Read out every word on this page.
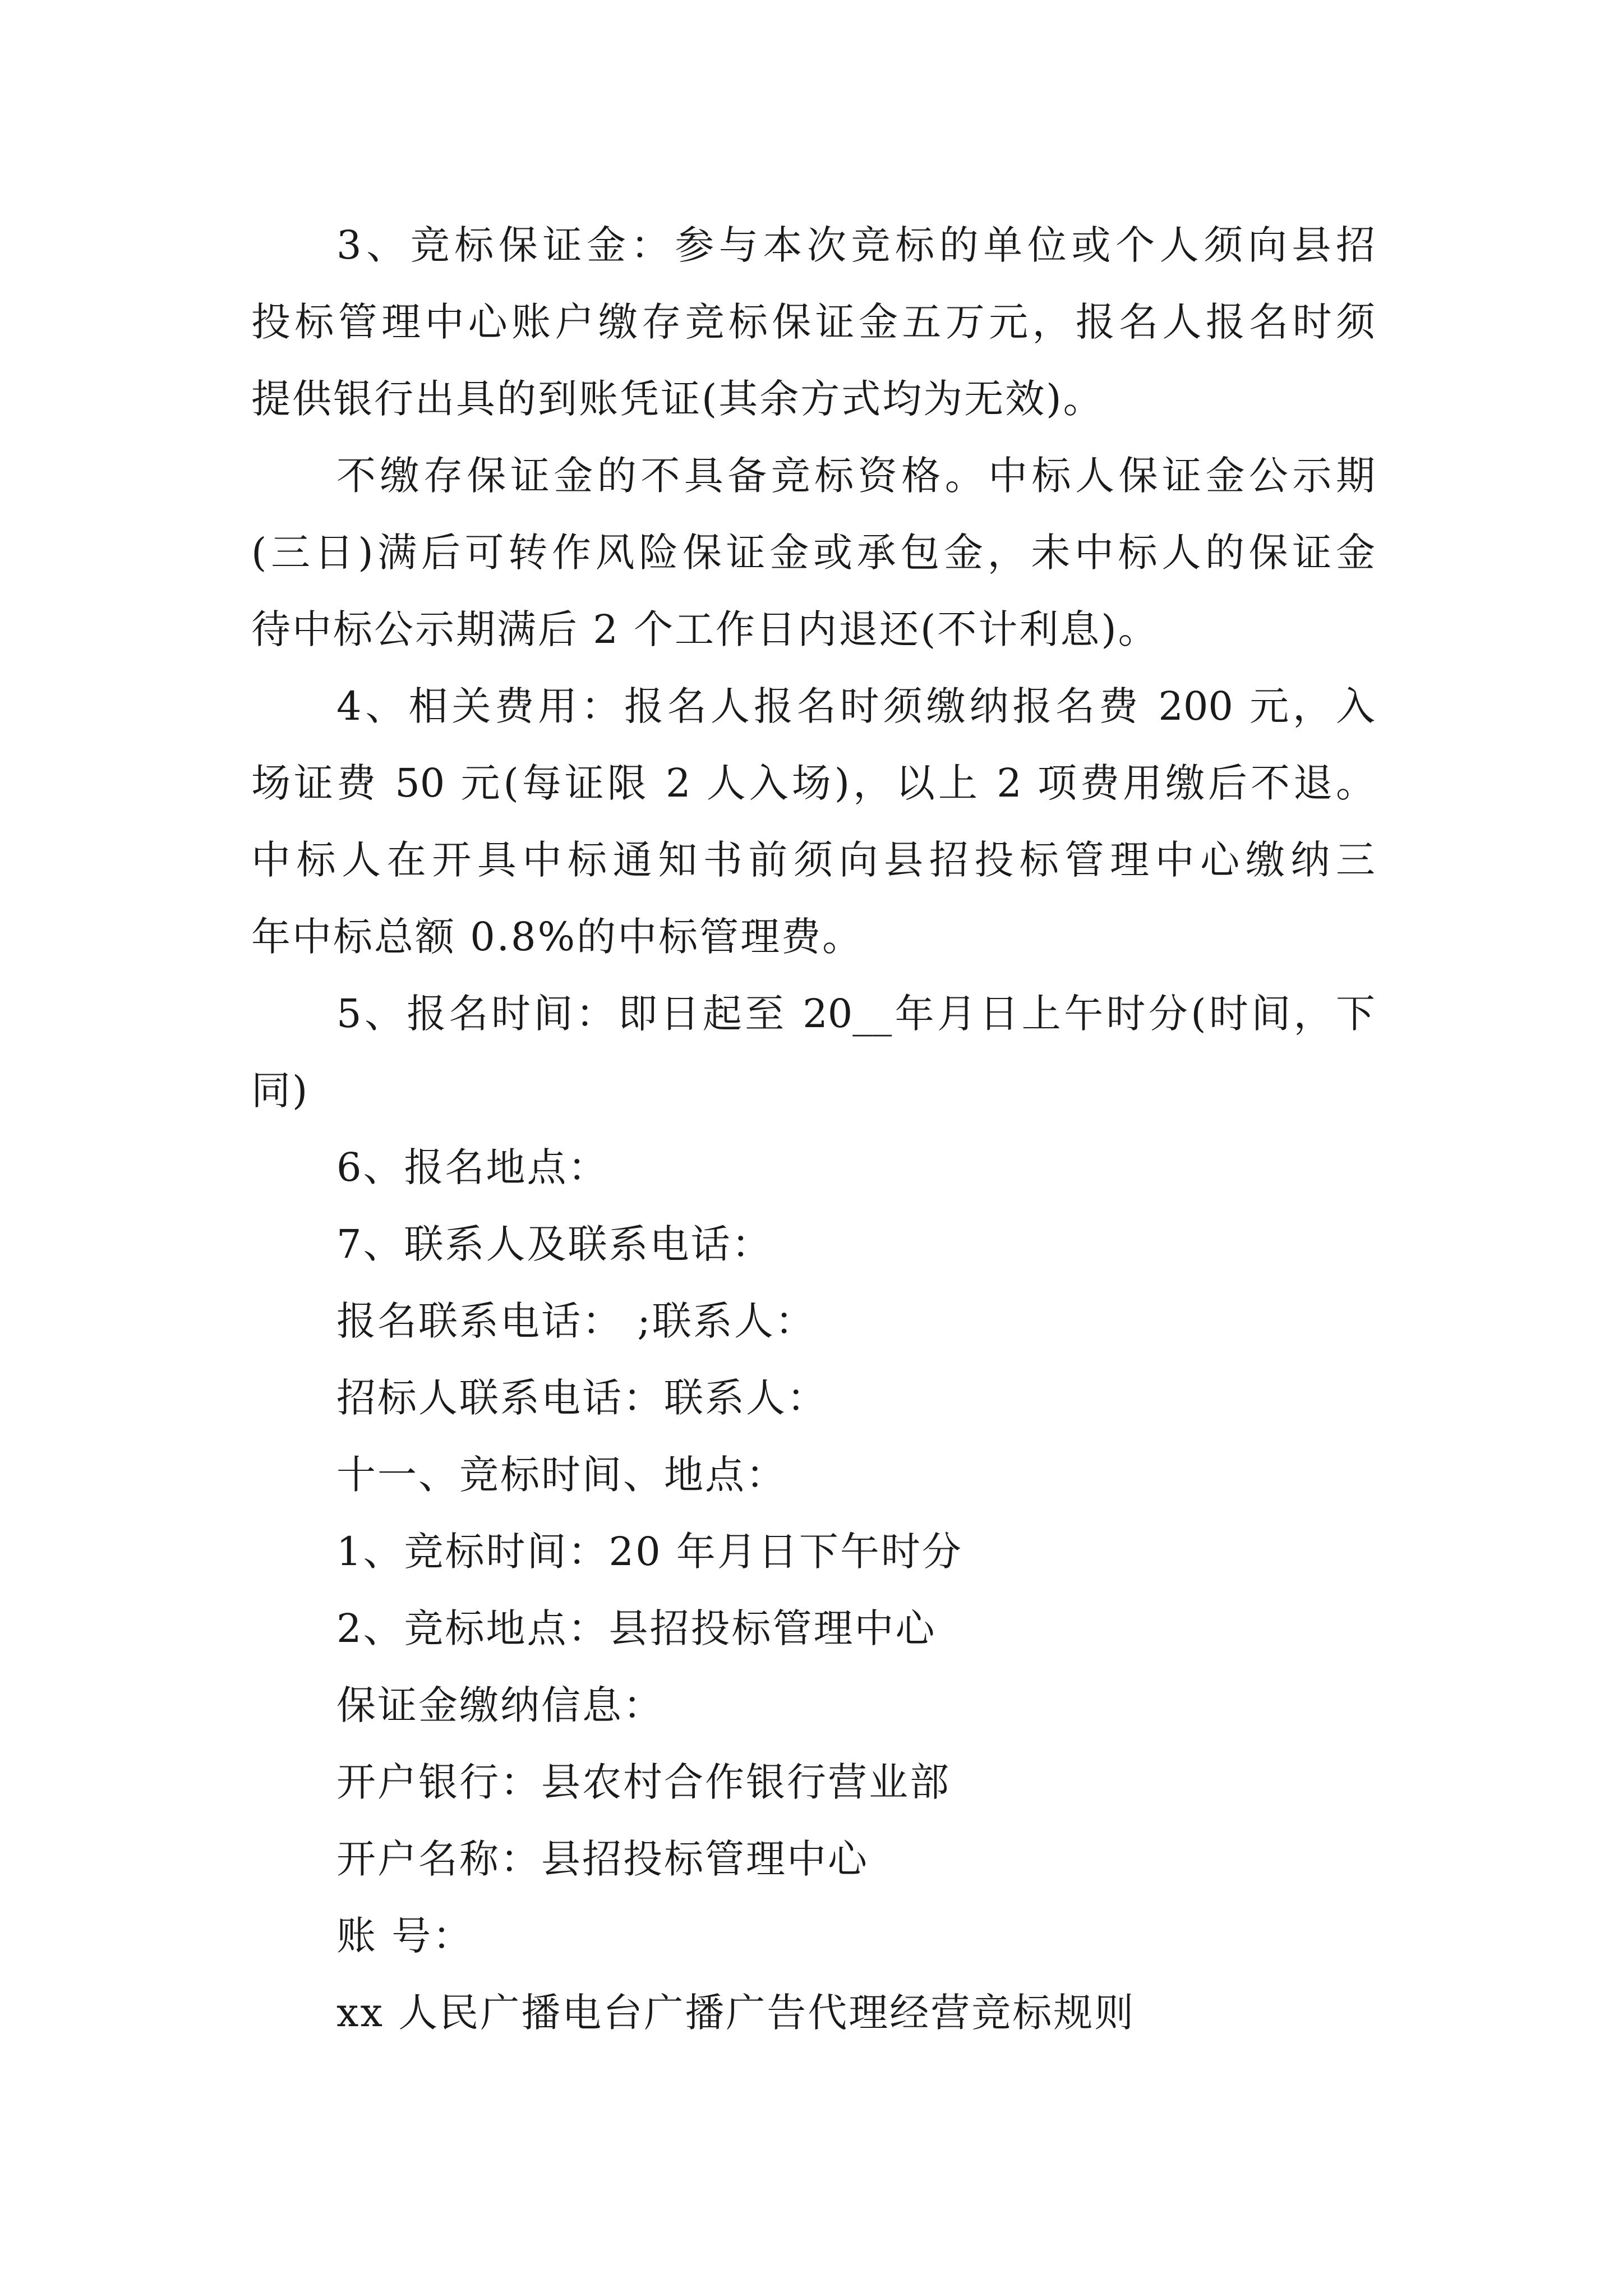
3、竞标保证金：参与本次竞标的单位或个人须向县招
投标管理中心账户缴存竞标保证金五万元，报名人报名时须
提供银行出具的到账凭证(其余方式均为无效)。
不缴存保证金的不具备竞标资格。中标人保证金公示期
(三日)满后可转作风险保证金或承包金，未中标人的保证金
待中标公示期满后 2 个工作日内退还(不计利息)。
4、相关费用：报名人报名时须缴纳报名费 200 元，入
场证费 50 元(每证限 2 人入场)，以上 2 项费用缴后不退。
中标人在开具中标通知书前须向县招投标管理中心缴纳三
年中标总额 0.8%的中标管理费。
5、报名时间：即日起至 20__年月日上午时分(时间，下
同)
6、报名地点：
7、联系人及联系电话：
报名联系电话： ;联系人：
招标人联系电话：联系人：
十一、竞标时间、地点：
1、竞标时间：20 年月日下午时分
2、竞标地点：县招投标管理中心
保证金缴纳信息：
开户银行：县农村合作银行营业部
开户名称：县招投标管理中心
账 号：
xx 人民广播电台广播广告代理经营竞标规则
